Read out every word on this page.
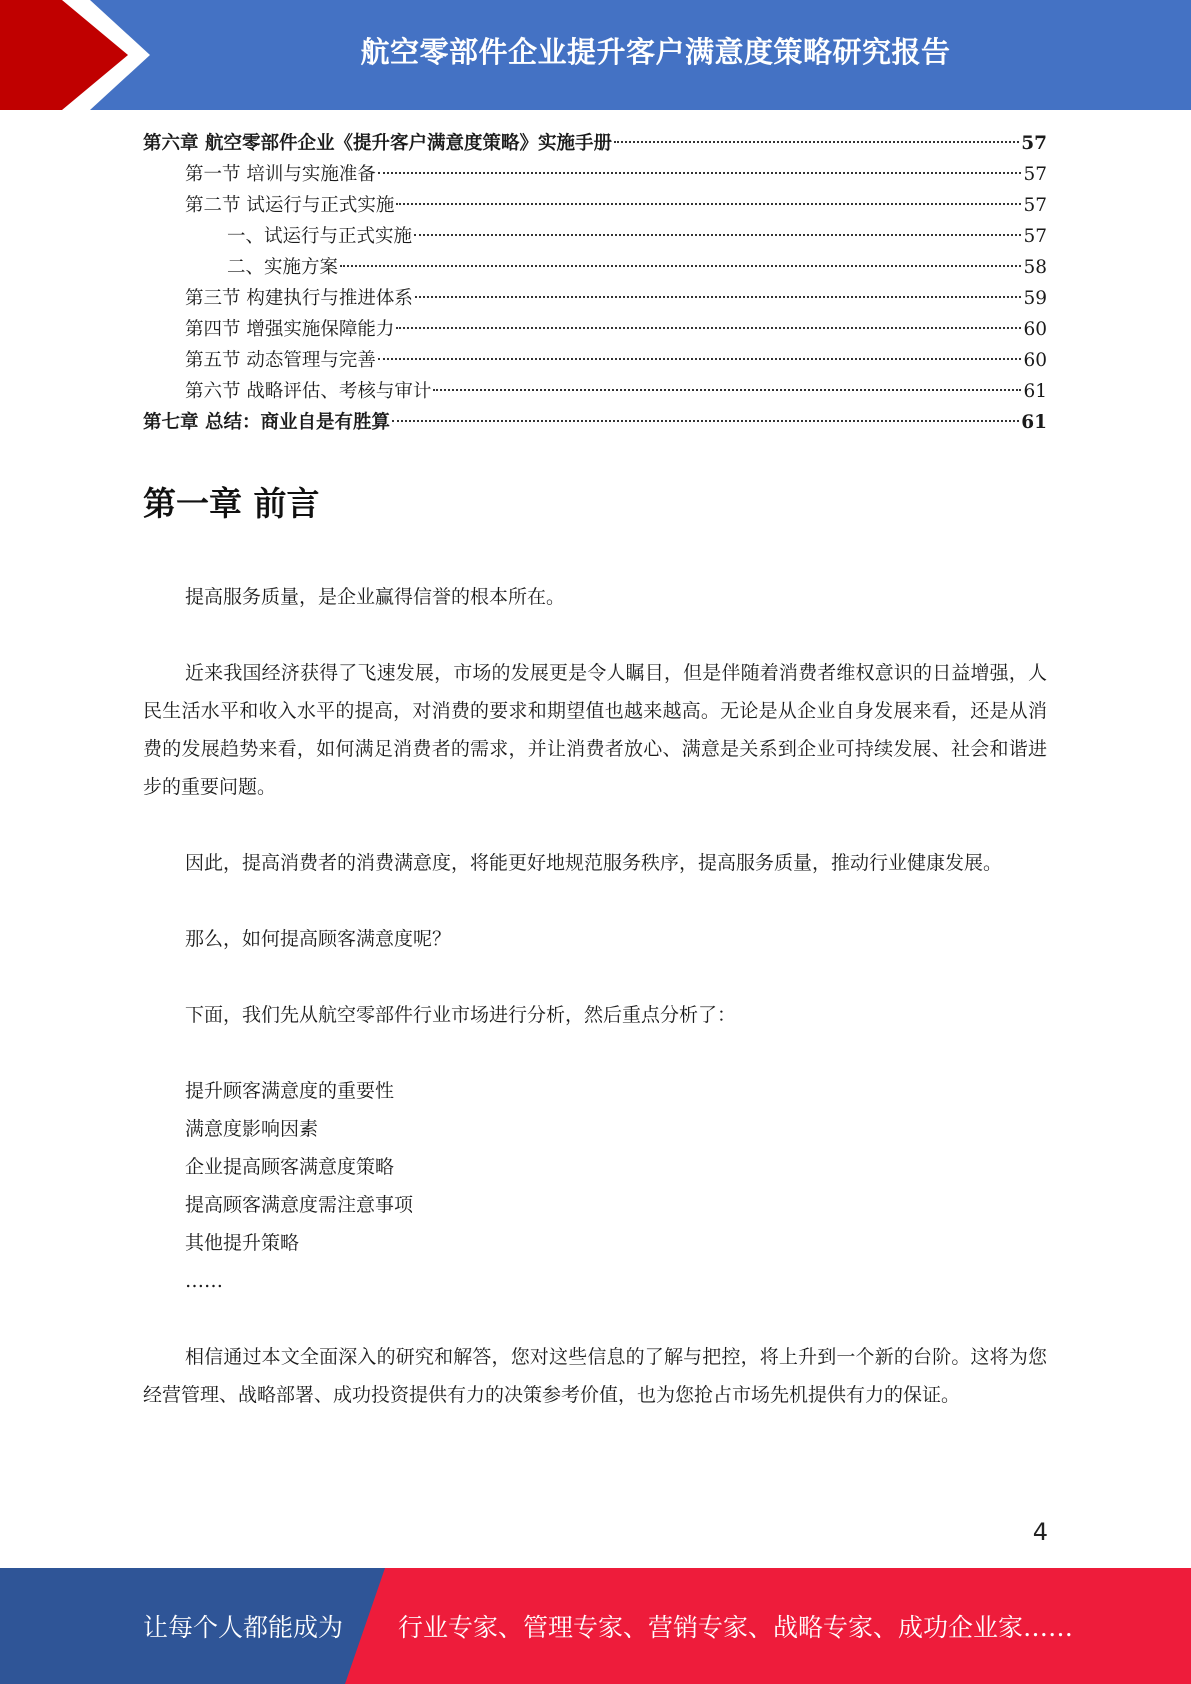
航空零部件企业提升客户满意度策略研究报告
第六章 航空零部件企业《提升客户满意度策略》实施手册	57
第一节 培训与实施准备	57
第二节 试运行与正式实施	57
一、试运行与正式实施	57
二、实施方案	58
第三节 构建执行与推进体系	59
第四节 增强实施保障能力	60
第五节 动态管理与完善	60
第六节 战略评估、考核与审计	61
第七章 总结：商业自是有胜算	61
第一章 前言

提高服务质量，是企业赢得信誉的根本所在。

近来我国经济获得了飞速发展，市场的发展更是令人瞩目，但是伴随着消费者维权意识的日益增强，人民生活水平和收入水平的提高，对消费的要求和期望值也越来越高。无论是从企业自身发展来看，还是从消费的发展趋势来看，如何满足消费者的需求，并让消费者放心、满意是关系到企业可持续发展、社会和谐进步的重要问题。

因此，提高消费者的消费满意度，将能更好地规范服务秩序，提高服务质量，推动行业健康发展。

那么，如何提高顾客满意度呢？

下面，我们先从航空零部件行业市场进行分析，然后重点分析了：

提升顾客满意度的重要性

满意度影响因素

企业提高顾客满意度策略

提高顾客满意度需注意事项

其他提升策略

……

相信通过本文全面深入的研究和解答，您对这些信息的了解与把控，将上升到一个新的台阶。这将为您经营管理、战略部署、成功投资提供有力的决策参考价值，也为您抢占市场先机提供有力的保证。

4
让每个人都能成为 行业专家、管理专家、营销专家、战略专家、成功企业家……
